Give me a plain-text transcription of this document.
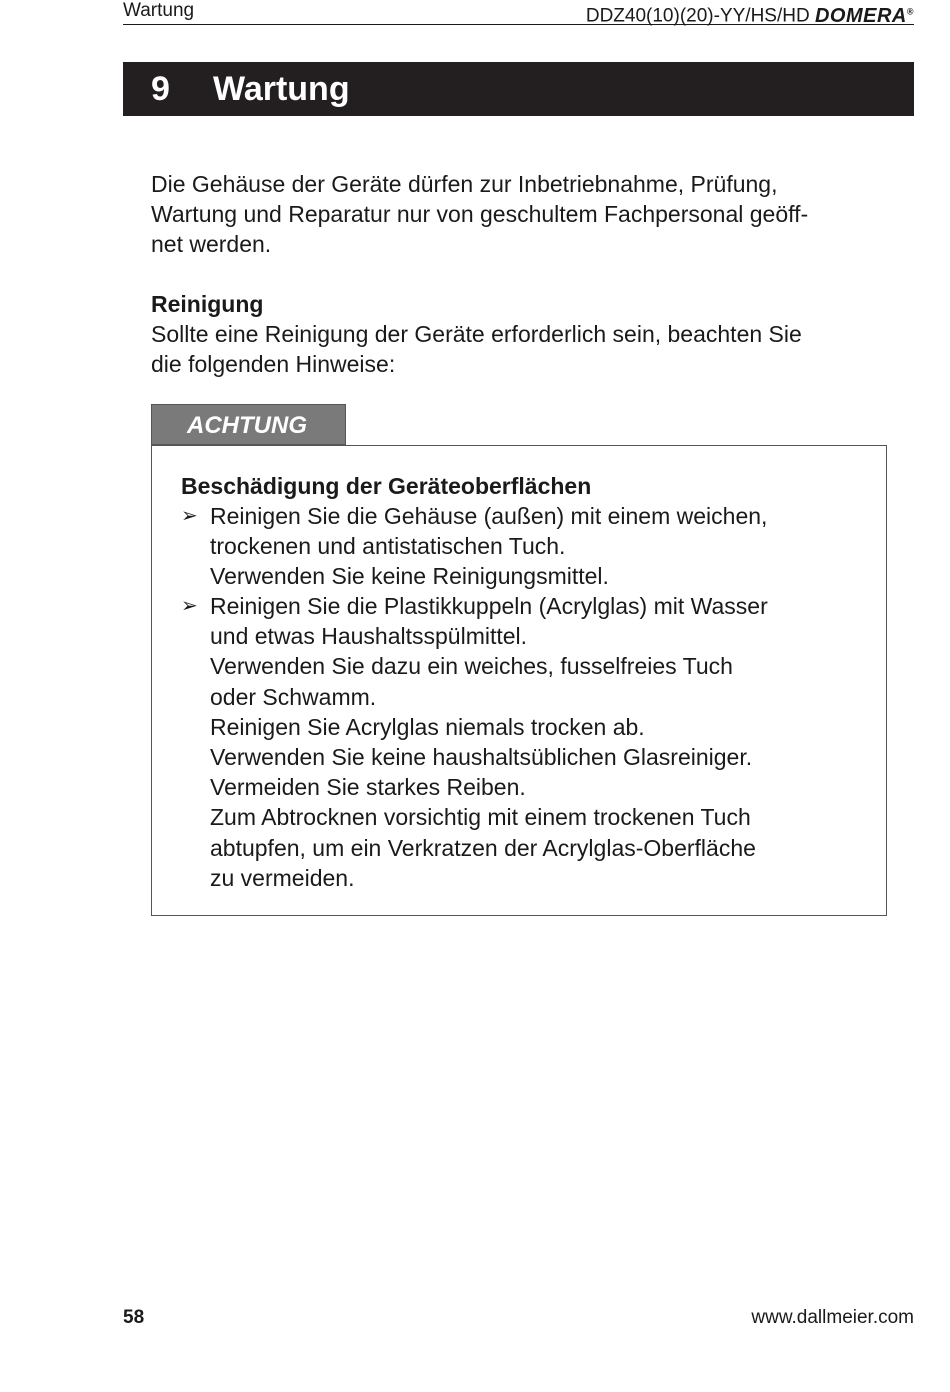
Wartung	DDZ40(10)(20)-YY/HS/HD DOMERA®
9 Wartung
Die Gehäuse der Geräte dürfen zur Inbetriebnahme, Prüfung,
Wartung und Reparatur nur von geschultem Fachpersonal geöff-
net werden.
Reinigung
Sollte eine Reinigung der Geräte erforderlich sein, beachten Sie
die folgenden Hinweise:
ACHTUNG
Beschädigung der Geräteoberflächen
➢ Reinigen Sie die Gehäuse (außen) mit einem weichen,
trockenen und antistatischen Tuch.
Verwenden Sie keine Reinigungsmittel.
➢ Reinigen Sie die Plastikkuppeln (Acrylglas) mit Wasser
und etwas Haushaltsspülmittel.
Verwenden Sie dazu ein weiches, fusselfreies Tuch
oder Schwamm.
Reinigen Sie Acrylglas niemals trocken ab.
Verwenden Sie keine haushaltsüblichen Glasreiniger.
Vermeiden Sie starkes Reiben.
Zum Abtrocknen vorsichtig mit einem trockenen Tuch
abtupfen, um ein Verkratzen der Acrylglas-Oberfläche
zu vermeiden.
58	www.dallmeier.com
